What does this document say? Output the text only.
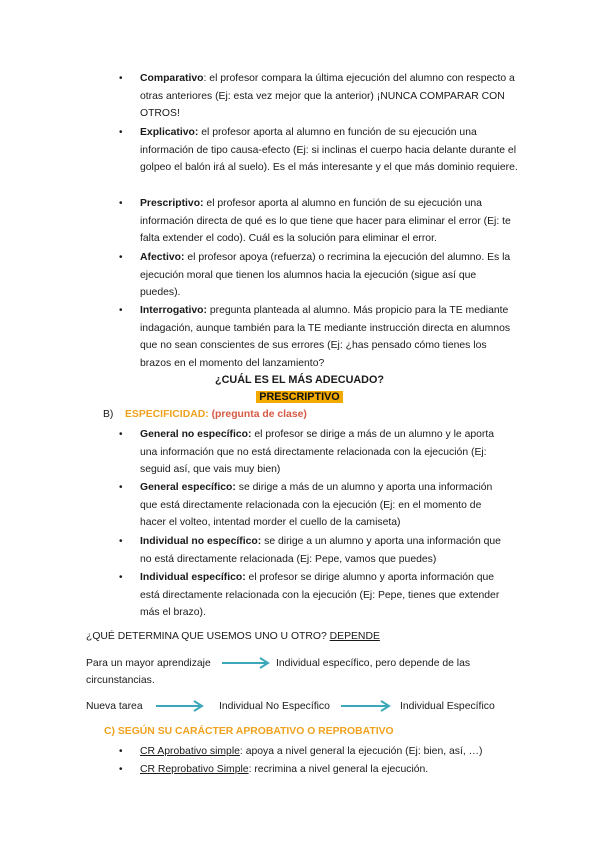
• Comparativo: el profesor compara la última ejecución del alumno con respecto a otras anteriores (Ej: esta vez mejor que la anterior) ¡NUNCA COMPARAR CON OTROS!
• Explicativo: el profesor aporta al alumno en función de su ejecución una información de tipo causa-efecto (Ej: si inclinas el cuerpo hacia delante durante el golpeo el balón irá al suelo). Es el más interesante y el que más dominio requiere.
• Prescriptivo: el profesor aporta al alumno en función de su ejecución una información directa de qué es lo que tiene que hacer para eliminar el error (Ej: te falta extender el codo). Cuál es la solución para eliminar el error.
• Afectivo: el profesor apoya (refuerza) o recrimina la ejecución del alumno. Es la ejecución moral que tienen los alumnos hacia la ejecución (sigue así que puedes).
• Interrogativo: pregunta planteada al alumno. Más propicio para la TE mediante indagación, aunque también para la TE mediante instrucción directa en alumnos que no sean conscientes de sus errores (Ej: ¿has pensado cómo tienes los brazos en el momento del lanzamiento?
¿CUÁL ES EL MÁS ADECUADO?
PRESCRIPTIVO
B) ESPECIFICIDAD: (pregunta de clase)
• General no específico: el profesor se dirige a más de un alumno y le aporta una información que no está directamente relacionada con la ejecución (Ej: seguid así, que vais muy bien)
• General específico: se dirige a más de un alumno y aporta una información que está directamente relacionada con la ejecución (Ej: en el momento de hacer el volteo, intentad morder el cuello de la camiseta)
• Individual no específico: se dirige a un alumno y aporta una información que no está directamente relacionada (Ej: Pepe, vamos que puedes)
• Individual específico: el profesor se dirige alumno y aporta información que está directamente relacionada con la ejecución (Ej: Pepe, tienes que extender más el brazo).
¿QUÉ DETERMINA QUE USEMOS UNO U OTRO? DEPENDE
Para un mayor aprendizaje	Individual específico, pero depende de las
circunstancias.
Nueva tarea	Individual No Específico	Individual Específico
C) SEGÚN SU CARÁCTER APROBATIVO O REPROBATIVO
• CR Aprobativo simple: apoya a nivel general la ejecución (Ej: bien, así, …)
• CR Reprobativo Simple: recrimina a nivel general la ejecución.
